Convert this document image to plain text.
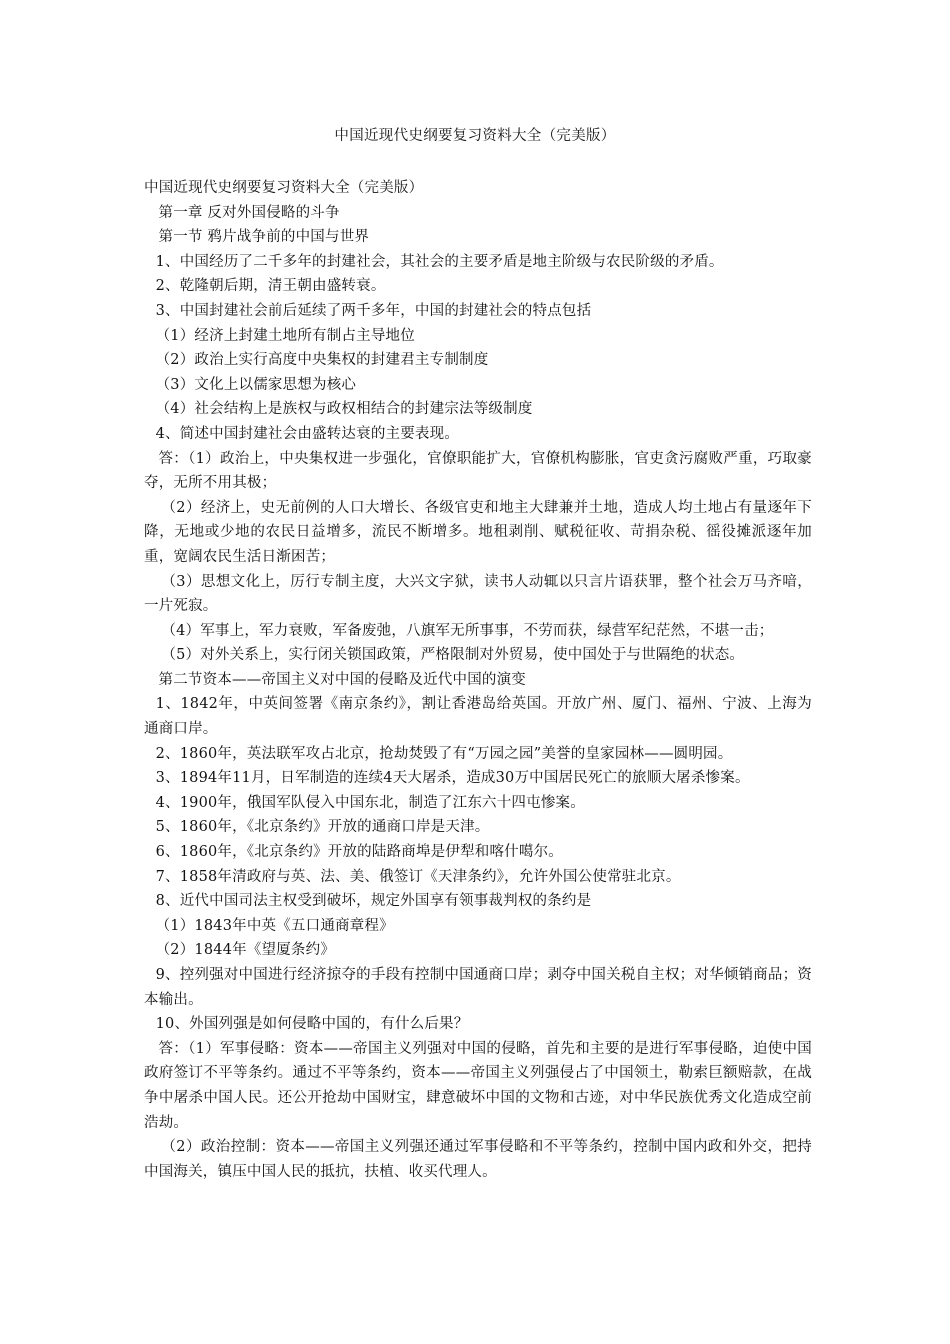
中国近现代史纲要复习资料大全（完美版）

中国近现代史纲要复习资料大全（完美版）

第一章 反对外国侵略的斗争

第一节 鸦片战争前的中国与世界

1、中国经历了二千多年的封建社会，其社会的主要矛盾是地主阶级与农民阶级的矛盾。

2、乾隆朝后期，清王朝由盛转衰。

3、中国封建社会前后延续了两千多年，中国的封建社会的特点包括

（1）经济上封建土地所有制占主导地位

（2）政治上实行高度中央集权的封建君主专制制度

（3）文化上以儒家思想为核心

（4）社会结构上是族权与政权相结合的封建宗法等级制度

4、简述中国封建社会由盛转达衰的主要表现。

答：（1）政治上，中央集权进一步强化，官僚职能扩大，官僚机构膨胀，官吏贪污腐败严重，巧取豪夺，无所不用其极；

（2）经济上，史无前例的人口大增长、各级官吏和地主大肆兼并土地，造成人均土地占有量逐年下降，无地或少地的农民日益增多，流民不断增多。地租剥削、赋税征收、苛捐杂税、徭役摊派逐年加重，宽阔农民生活日渐困苦；

（3）思想文化上，厉行专制主度，大兴文字狱，读书人动辄以只言片语获罪，整个社会万马齐喑，一片死寂。

（4）军事上，军力衰败，军备废弛，八旗军无所事事，不劳而获，绿营军纪茫然，不堪一击；

（5）对外关系上，实行闭关锁国政策，严格限制对外贸易，使中国处于与世隔绝的状态。

第二节资本——帝国主义对中国的侵略及近代中国的演变

1、1842年，中英间签署《南京条约》，割让香港岛给英国。开放广州、厦门、福州、宁波、上海为通商口岸。

2、1860年，英法联军攻占北京，抢劫焚毁了有“万园之园”美誉的皇家园林——圆明园。

3、1894年11月，日军制造的连续4天大屠杀，造成30万中国居民死亡的旅顺大屠杀惨案。

4、1900年，俄国军队侵入中国东北，制造了江东六十四屯惨案。

5、1860年，《北京条约》开放的通商口岸是天津。

6、1860年，《北京条约》开放的陆路商埠是伊犁和喀什噶尔。

7、1858年清政府与英、法、美、俄签订《天津条约》，允许外国公使常驻北京。

8、近代中国司法主权受到破坏，规定外国享有领事裁判权的条约是

（1）1843年中英《五口通商章程》

（2）1844年《望厦条约》

9、控列强对中国进行经济掠夺的手段有控制中国通商口岸；剥夺中国关税自主权；对华倾销商品；资本输出。

10、外国列强是如何侵略中国的，有什么后果？

答：（1）军事侵略：资本——帝国主义列强对中国的侵略，首先和主要的是进行军事侵略，迫使中国政府签订不平等条约。通过不平等条约，资本——帝国主义列强侵占了中国领土，勒索巨额赔款，在战争中屠杀中国人民。还公开抢劫中国财宝，肆意破坏中国的文物和古迹，对中华民族优秀文化造成空前浩劫。

（2）政治控制：资本——帝国主义列强还通过军事侵略和不平等条约，控制中国内政和外交，把持中国海关，镇压中国人民的抵抗，扶植、收买代理人。
